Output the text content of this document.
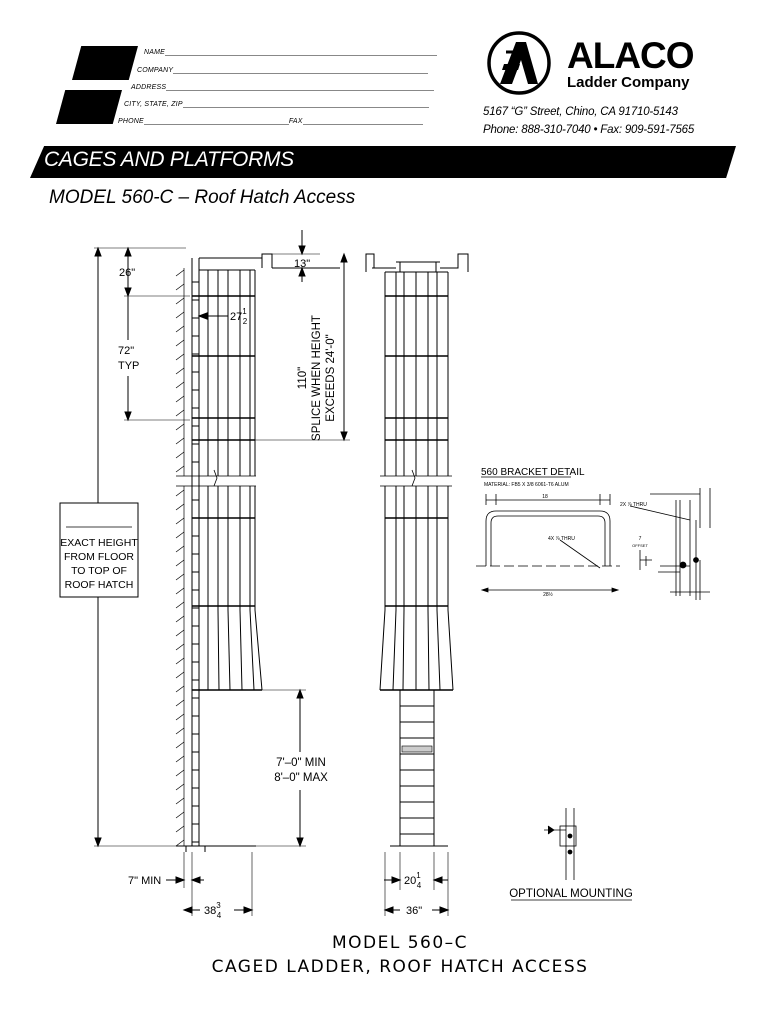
NAME
COMPANY
ADDRESS
CITY, STATE, ZIP
PHONE	FAX
ALACO
Ladder Company
5167 “G” Street, Chino, CA 91710-5143
Phone: 888-310-7040 • Fax: 909-591-7565
CAGES AND PLATFORMS
MODEL 560-C – Roof Hatch Access
26"
13"
$27^1$ 2
72"
TYP
110" SPLICE WHEN HEIGHT EXCEEDS 24'-0"
EXACT HEIGHT
FROM FLOOR
TO TOP OF
ROOF HATCH
7'–0" MIN
8'–0" MAX
7" MIN
$38^3$ 4
$20^1$ 4
36"
560 BRACKET DETAIL
MATERIAL: FB5 X 3/8 6061-T6 ALUM
2X ⅞ THRU
4X ⅞ THRU	7
OFFSET
18
28½
OPTIONAL MOUNTING
MODEL 560–C
CAGED LADDER, ROOF HATCH ACCESS
